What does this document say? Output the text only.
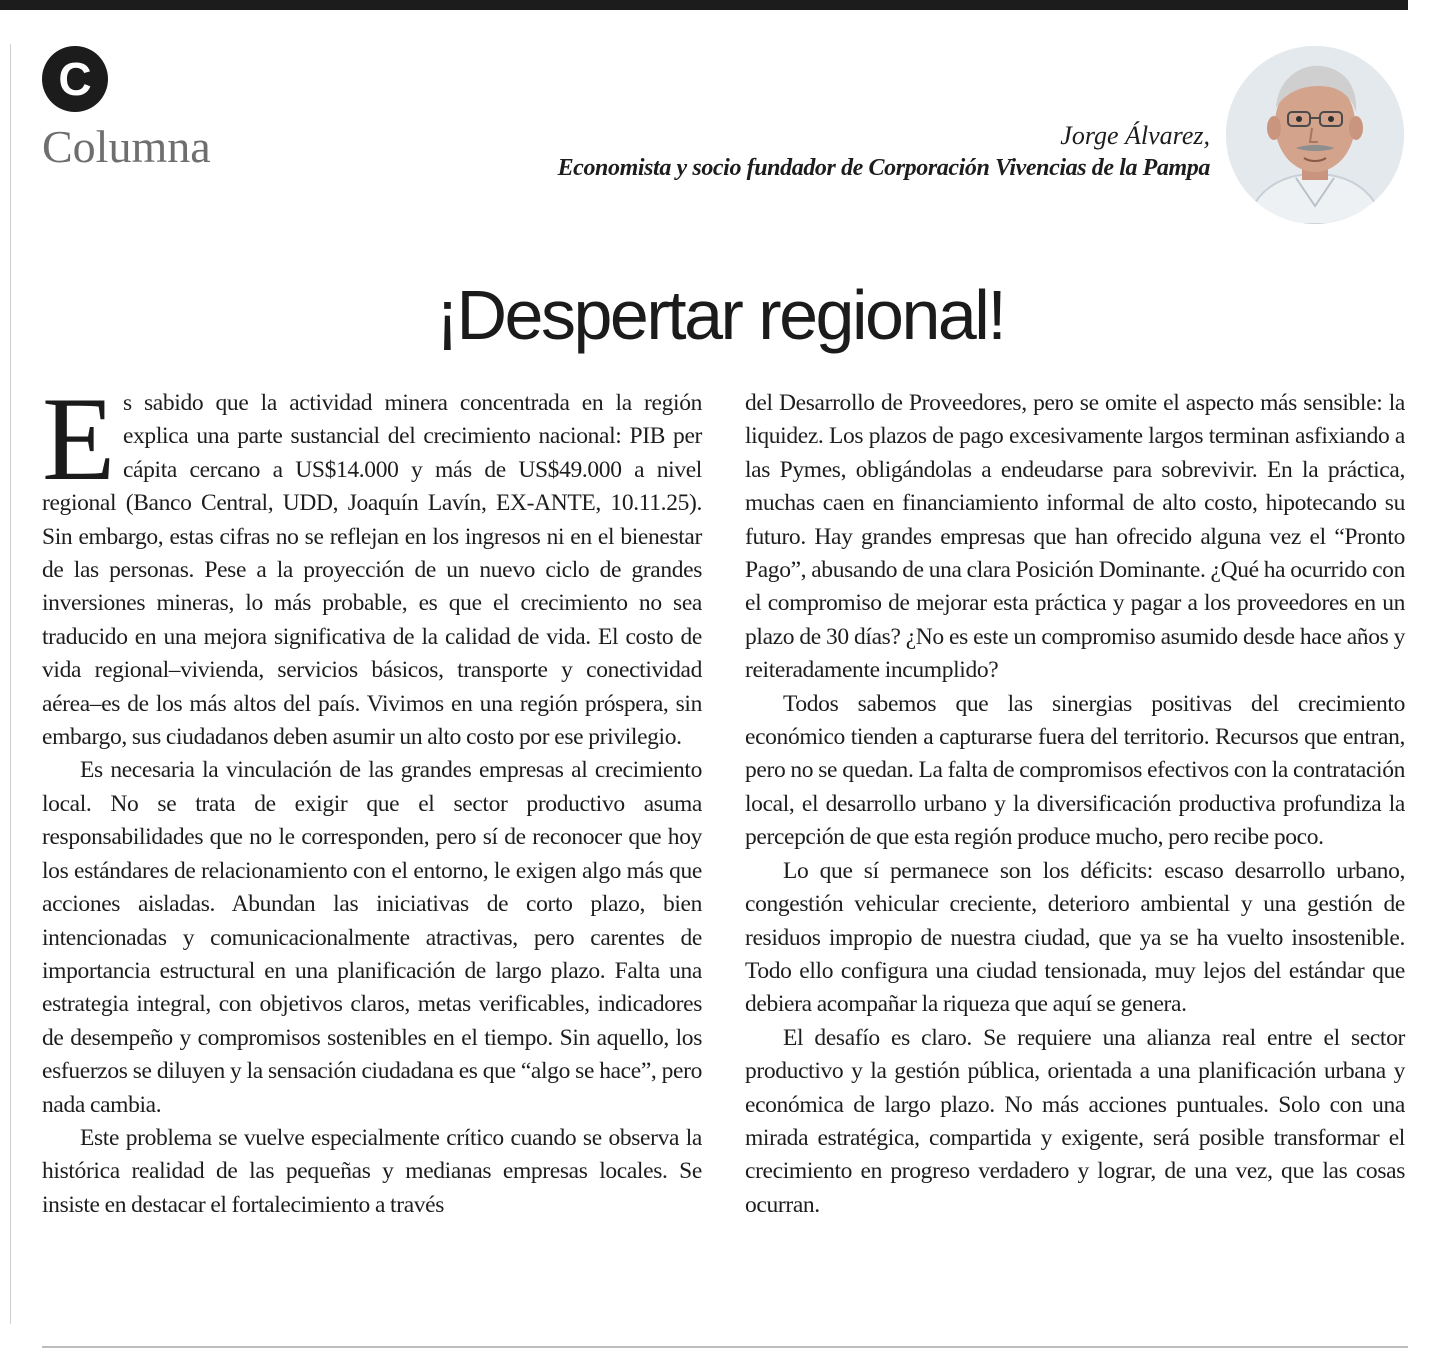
C
Columna	Jorge Álvarez,
Economista y socio fundador de Corporación Vivencias de la Pampa
¡Despertar regional!

Es sabido que la actividad minera concentrada en la región explica una parte sustancial del crecimiento nacional: PIB per cápita cercano a US$14.000 y más de US$49.000 a nivel regional (Banco Central, UDD, Joaquín Lavín, EX-ANTE, 10.11.25). Sin embargo, estas cifras no se reflejan en los ingresos ni en el bienestar de las personas. Pese a la proyección de un nuevo ciclo de grandes inversiones mineras, lo más probable, es que el crecimiento no sea traducido en una mejora significativa de la calidad de vida. El costo de vida regional–vivienda, servicios básicos, transporte y conectividad aérea–es de los más altos del país. Vivimos en una región próspera, sin embargo, sus ciudadanos deben asumir un alto costo por ese privilegio.

Es necesaria la vinculación de las grandes empresas al crecimiento local. No se trata de exigir que el sector productivo asuma responsabilidades que no le corresponden, pero sí de reconocer que hoy los estándares de relacionamiento con el entorno, le exigen algo más que acciones aisladas. Abundan las iniciativas de corto plazo, bien intencionadas y comunicacionalmente atractivas, pero carentes de importancia estructural en una planificación de largo plazo. Falta una estrategia integral, con objetivos claros, metas verificables, indicadores de desempeño y compromisos sostenibles en el tiempo. Sin aquello, los esfuerzos se diluyen y la sensación ciudadana es que “algo se hace”, pero nada cambia.

Este problema se vuelve especialmente crítico cuando se observa la histórica realidad de las pequeñas y medianas empresas locales. Se insiste en destacar el fortalecimiento a través

del Desarrollo de Proveedores, pero se omite el aspecto más sensible: la liquidez. Los plazos de pago excesivamente largos terminan asfixiando a las Pymes, obligándolas a endeudarse para sobrevivir. En la práctica, muchas caen en financiamiento informal de alto costo, hipotecando su futuro. Hay grandes empresas que han ofrecido alguna vez el “Pronto Pago”, abusando de una clara Posición Dominante. ¿Qué ha ocurrido con el compromiso de mejorar esta práctica y pagar a los proveedores en un plazo de 30 días? ¿No es este un compromiso asumido desde hace años y reiteradamente incumplido?

Todos sabemos que las sinergias positivas del crecimiento económico tienden a capturarse fuera del territorio. Recursos que entran, pero no se quedan. La falta de compromisos efectivos con la contratación local, el desarrollo urbano y la diversificación productiva profundiza la percepción de que esta región produce mucho, pero recibe poco.

Lo que sí permanece son los déficits: escaso desarrollo urbano, congestión vehicular creciente, deterioro ambiental y una gestión de residuos impropio de nuestra ciudad, que ya se ha vuelto insostenible. Todo ello configura una ciudad tensionada, muy lejos del estándar que debiera acompañar la riqueza que aquí se genera.

El desafío es claro. Se requiere una alianza real entre el sector productivo y la gestión pública, orientada a una planificación urbana y económica de largo plazo. No más acciones puntuales. Solo con una mirada estratégica, compartida y exigente, será posible transformar el crecimiento en progreso verdadero y lograr, de una vez, que las cosas ocurran.
